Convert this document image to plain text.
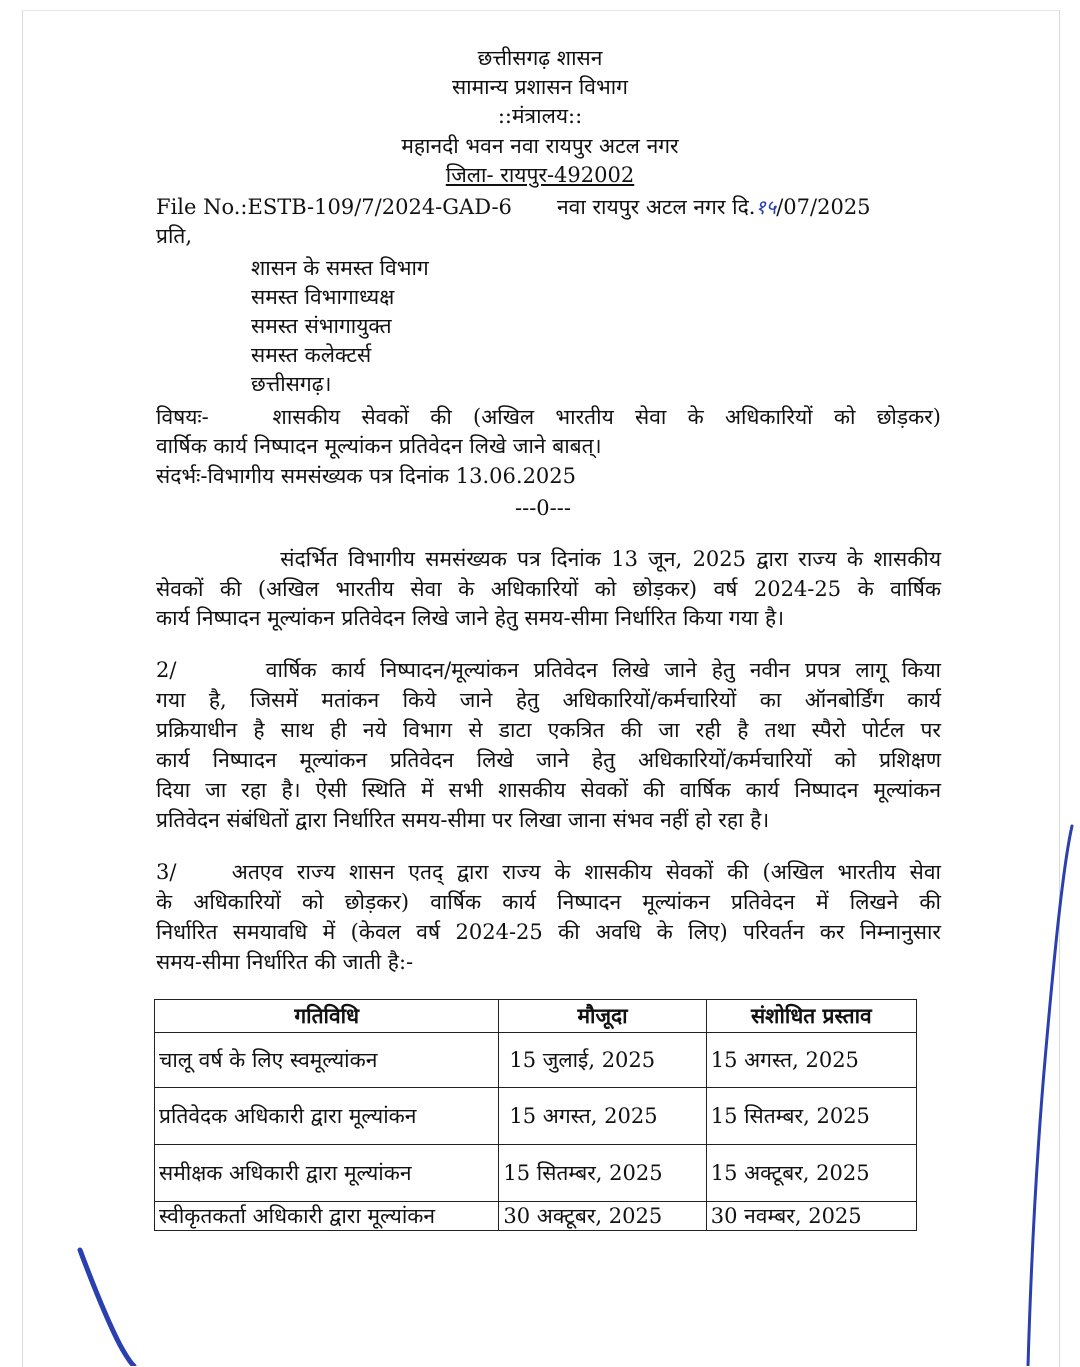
छत्तीसगढ़ शासन
सामान्य प्रशासन विभाग
::मंत्रालय::
महानदी भवन नवा रायपुर अटल नगर
जिला- रायपुर-492002
File No.:ESTB-109/7/2024-GAD-6 नवा रायपुर अटल नगर दि.१५/07/2025
प्रति,
शासन के समस्त विभाग
समस्त विभागाध्यक्ष
समस्त संभागायुक्त
समस्त कलेक्टर्स
छत्तीसगढ़।
विषयः-   शासकीय सेवकों की (अखिल भारतीय सेवा के अधिकारियों को छोड़कर)
वार्षिक कार्य निष्पादन मूल्यांकन प्रतिवेदन लिखे जाने बाबत्।
संदर्भः-विभागीय समसंख्यक पत्र दिनांक 13.06.2025
---0---
संदर्भित विभागीय समसंख्यक पत्र दिनांक 13 जून, 2025 द्वारा राज्य के शासकीय
सेवकों की (अखिल भारतीय सेवा के अधिकारियों को छोड़कर) वर्ष 2024-25 के वार्षिक
कार्य निष्पादन मूल्यांकन प्रतिवेदन लिखे जाने हेतु समय-सीमा निर्धारित किया गया है।
2/      वार्षिक कार्य निष्पादन/मूल्यांकन प्रतिवेदन लिखे जाने हेतु नवीन प्रपत्र लागू किया
गया है, जिसमें मतांकन किये जाने हेतु अधिकारियों/कर्मचारियों का ऑनबोर्डिंग कार्य
प्रक्रियाधीन है साथ ही नये विभाग से डाटा एकत्रित की जा रही है तथा स्पैरो पोर्टल पर
कार्य निष्पादन मूल्यांकन प्रतिवेदन लिखे जाने हेतु अधिकारियों/कर्मचारियों को प्रशिक्षण
दिया जा रहा है। ऐसी स्थिति में सभी शासकीय सेवकों की वार्षिक कार्य निष्पादन मूल्यांकन
प्रतिवेदन संबंधितों द्वारा निर्धारित समय-सीमा पर लिखा जाना संभव नहीं हो रहा है।
3/    अतएव राज्य शासन एतद् द्वारा राज्य के शासकीय सेवकों की (अखिल भारतीय सेवा
के अधिकारियों को छोड़कर) वार्षिक कार्य निष्पादन मूल्यांकन प्रतिवेदन में लिखने की
निर्धारित समयावधि में (केवल वर्ष 2024-25 की अवधि के लिए) परिवर्तन कर निम्नानुसार
समय-सीमा निर्धारित की जाती है:-
गतिविधि	मौजूदा	संशोधित प्रस्ताव
चालू वर्ष के लिए स्वमूल्यांकन	15 जुलाई, 2025	15 अगस्त, 2025
प्रतिवेदक अधिकारी द्वारा मूल्यांकन	15 अगस्त, 2025	15 सितम्बर, 2025
समीक्षक अधिकारी द्वारा मूल्यांकन	15 सितम्बर, 2025	15 अक्टूबर, 2025
स्वीकृतकर्ता अधिकारी द्वारा मूल्यांकन	30 अक्टूबर, 2025	30 नवम्बर, 2025
